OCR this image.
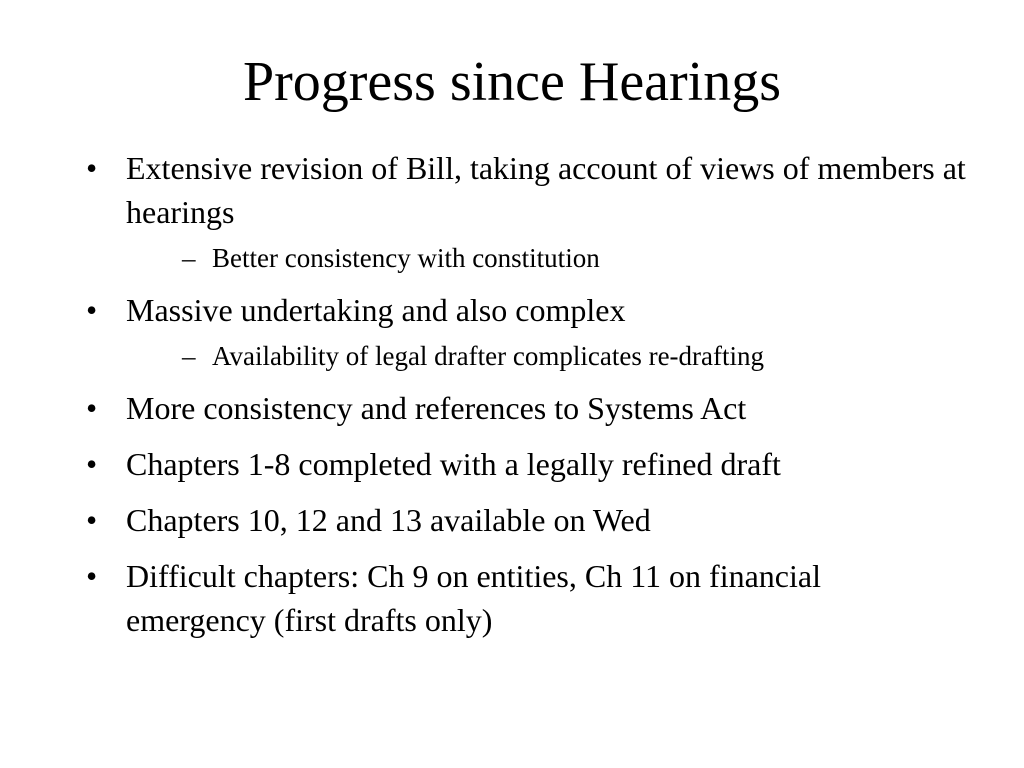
Progress since Hearings
• Extensive revision of Bill, taking account of views of members at hearings
– Better consistency with constitution
• Massive undertaking and also complex
– Availability of legal drafter complicates re-drafting
• More consistency and references to Systems Act
• Chapters 1-8 completed with a legally refined draft
• Chapters 10, 12 and 13 available on Wed
• Difficult chapters: Ch 9 on entities, Ch 11 on financial emergency (first drafts only)
